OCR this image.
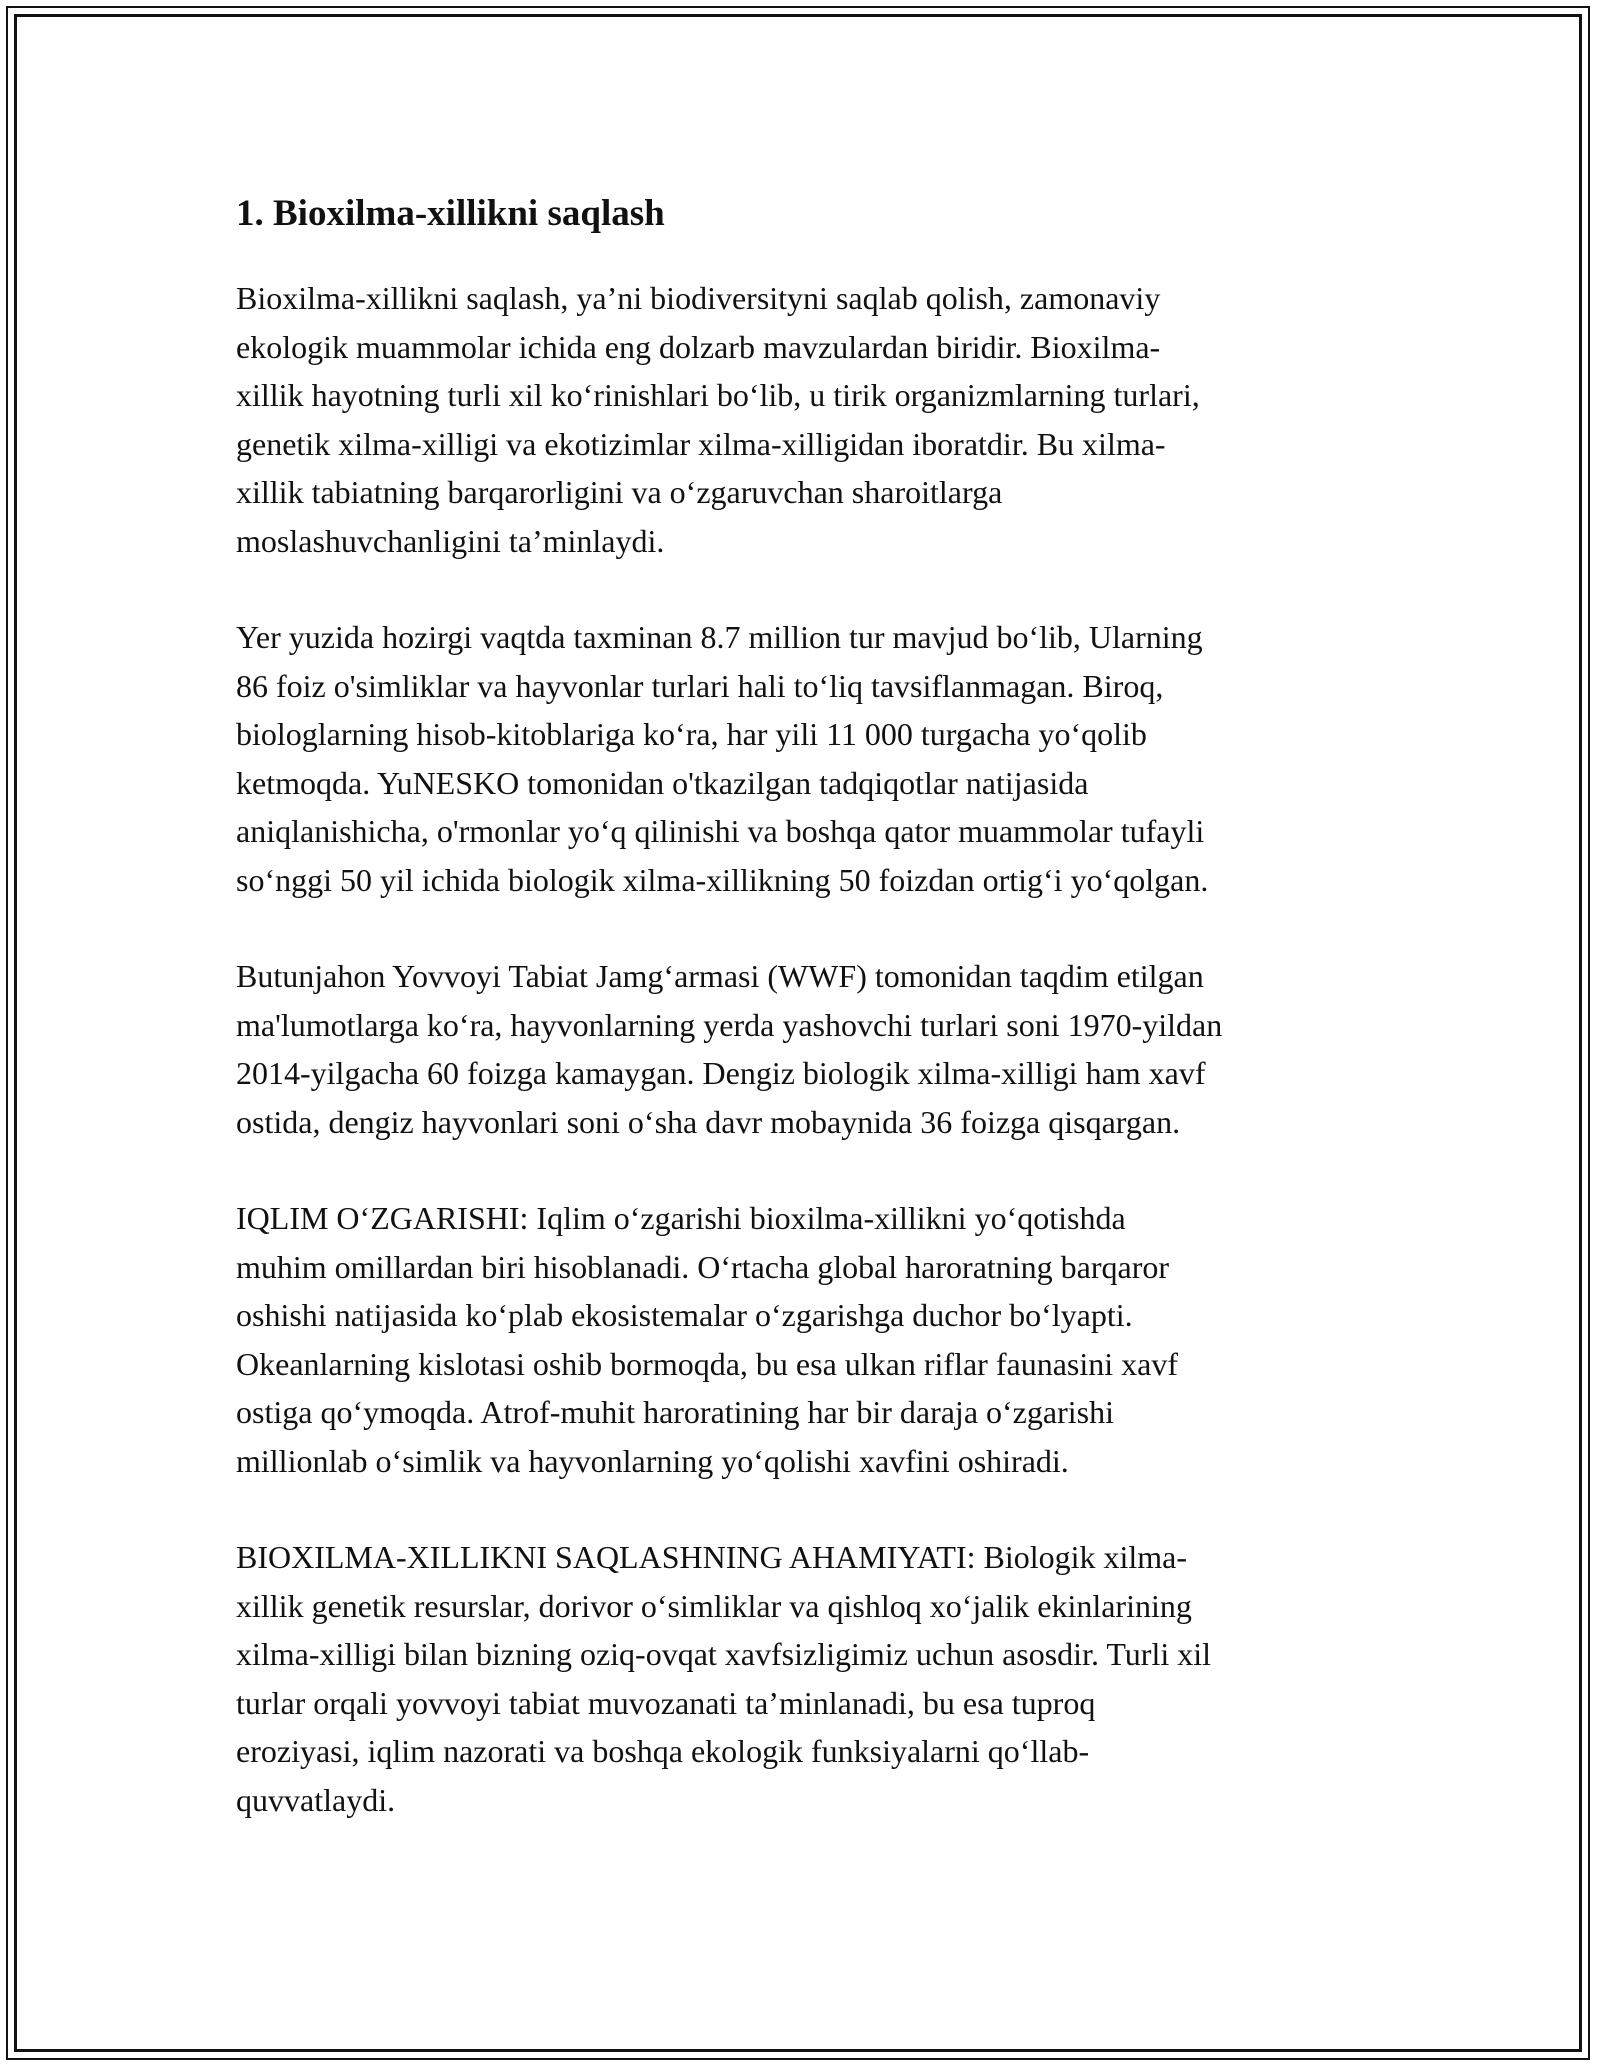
1. Bioxilma-xillikni saqlash

Bioxilma-xillikni saqlash, ya’ni biodiversityni saqlab qolish, zamonaviy
ekologik muammolar ichida eng dolzarb mavzulardan biridir. Bioxilma-
xillik hayotning turli xil ko‘rinishlari bo‘lib, u tirik organizmlarning turlari,
genetik xilma-xilligi va ekotizimlar xilma-xilligidan iboratdir. Bu xilma-
xillik tabiatning barqarorligini va o‘zgaruvchan sharoitlarga
moslashuvchanligini ta’minlaydi.

Yer yuzida hozirgi vaqtda taxminan 8.7 million tur mavjud bo‘lib, Ularning
86 foiz o'simliklar va hayvonlar turlari hali to‘liq tavsiflanmagan. Biroq,
biologlarning hisob-kitoblariga ko‘ra, har yili 11 000 turgacha yo‘qolib
ketmoqda. YuNESKO tomonidan o'tkazilgan tadqiqotlar natijasida
aniqlanishicha, o'rmonlar yo‘q qilinishi va boshqa qator muammolar tufayli
so‘nggi 50 yil ichida biologik xilma-xillikning 50 foizdan ortig‘i yo‘qolgan.

Butunjahon Yovvoyi Tabiat Jamg‘armasi (WWF) tomonidan taqdim etilgan
ma'lumotlarga ko‘ra, hayvonlarning yerda yashovchi turlari soni 1970-yildan
2014-yilgacha 60 foizga kamaygan. Dengiz biologik xilma-xilligi ham xavf
ostida, dengiz hayvonlari soni o‘sha davr mobaynida 36 foizga qisqargan.

IQLIM O‘ZGARISHI: Iqlim o‘zgarishi bioxilma-xillikni yo‘qotishda
muhim omillardan biri hisoblanadi. O‘rtacha global haroratning barqaror
oshishi natijasida ko‘plab ekosistemalar o‘zgarishga duchor bo‘lyapti.
Okeanlarning kislotasi oshib bormoqda, bu esa ulkan riflar faunasini xavf
ostiga qo‘ymoqda. Atrof-muhit haroratining har bir daraja o‘zgarishi
millionlab o‘simlik va hayvonlarning yo‘qolishi xavfini oshiradi.

BIOXILMA-XILLIKNI SAQLASHNING AHAMIYATI: Biologik xilma-
xillik genetik resurslar, dorivor o‘simliklar va qishloq xo‘jalik ekinlarining
xilma-xilligi bilan bizning oziq-ovqat xavfsizligimiz uchun asosdir. Turli xil
turlar orqali yovvoyi tabiat muvozanati ta’minlanadi, bu esa tuproq
eroziyasi, iqlim nazorati va boshqa ekologik funksiyalarni qo‘llab-
quvvatlaydi.
